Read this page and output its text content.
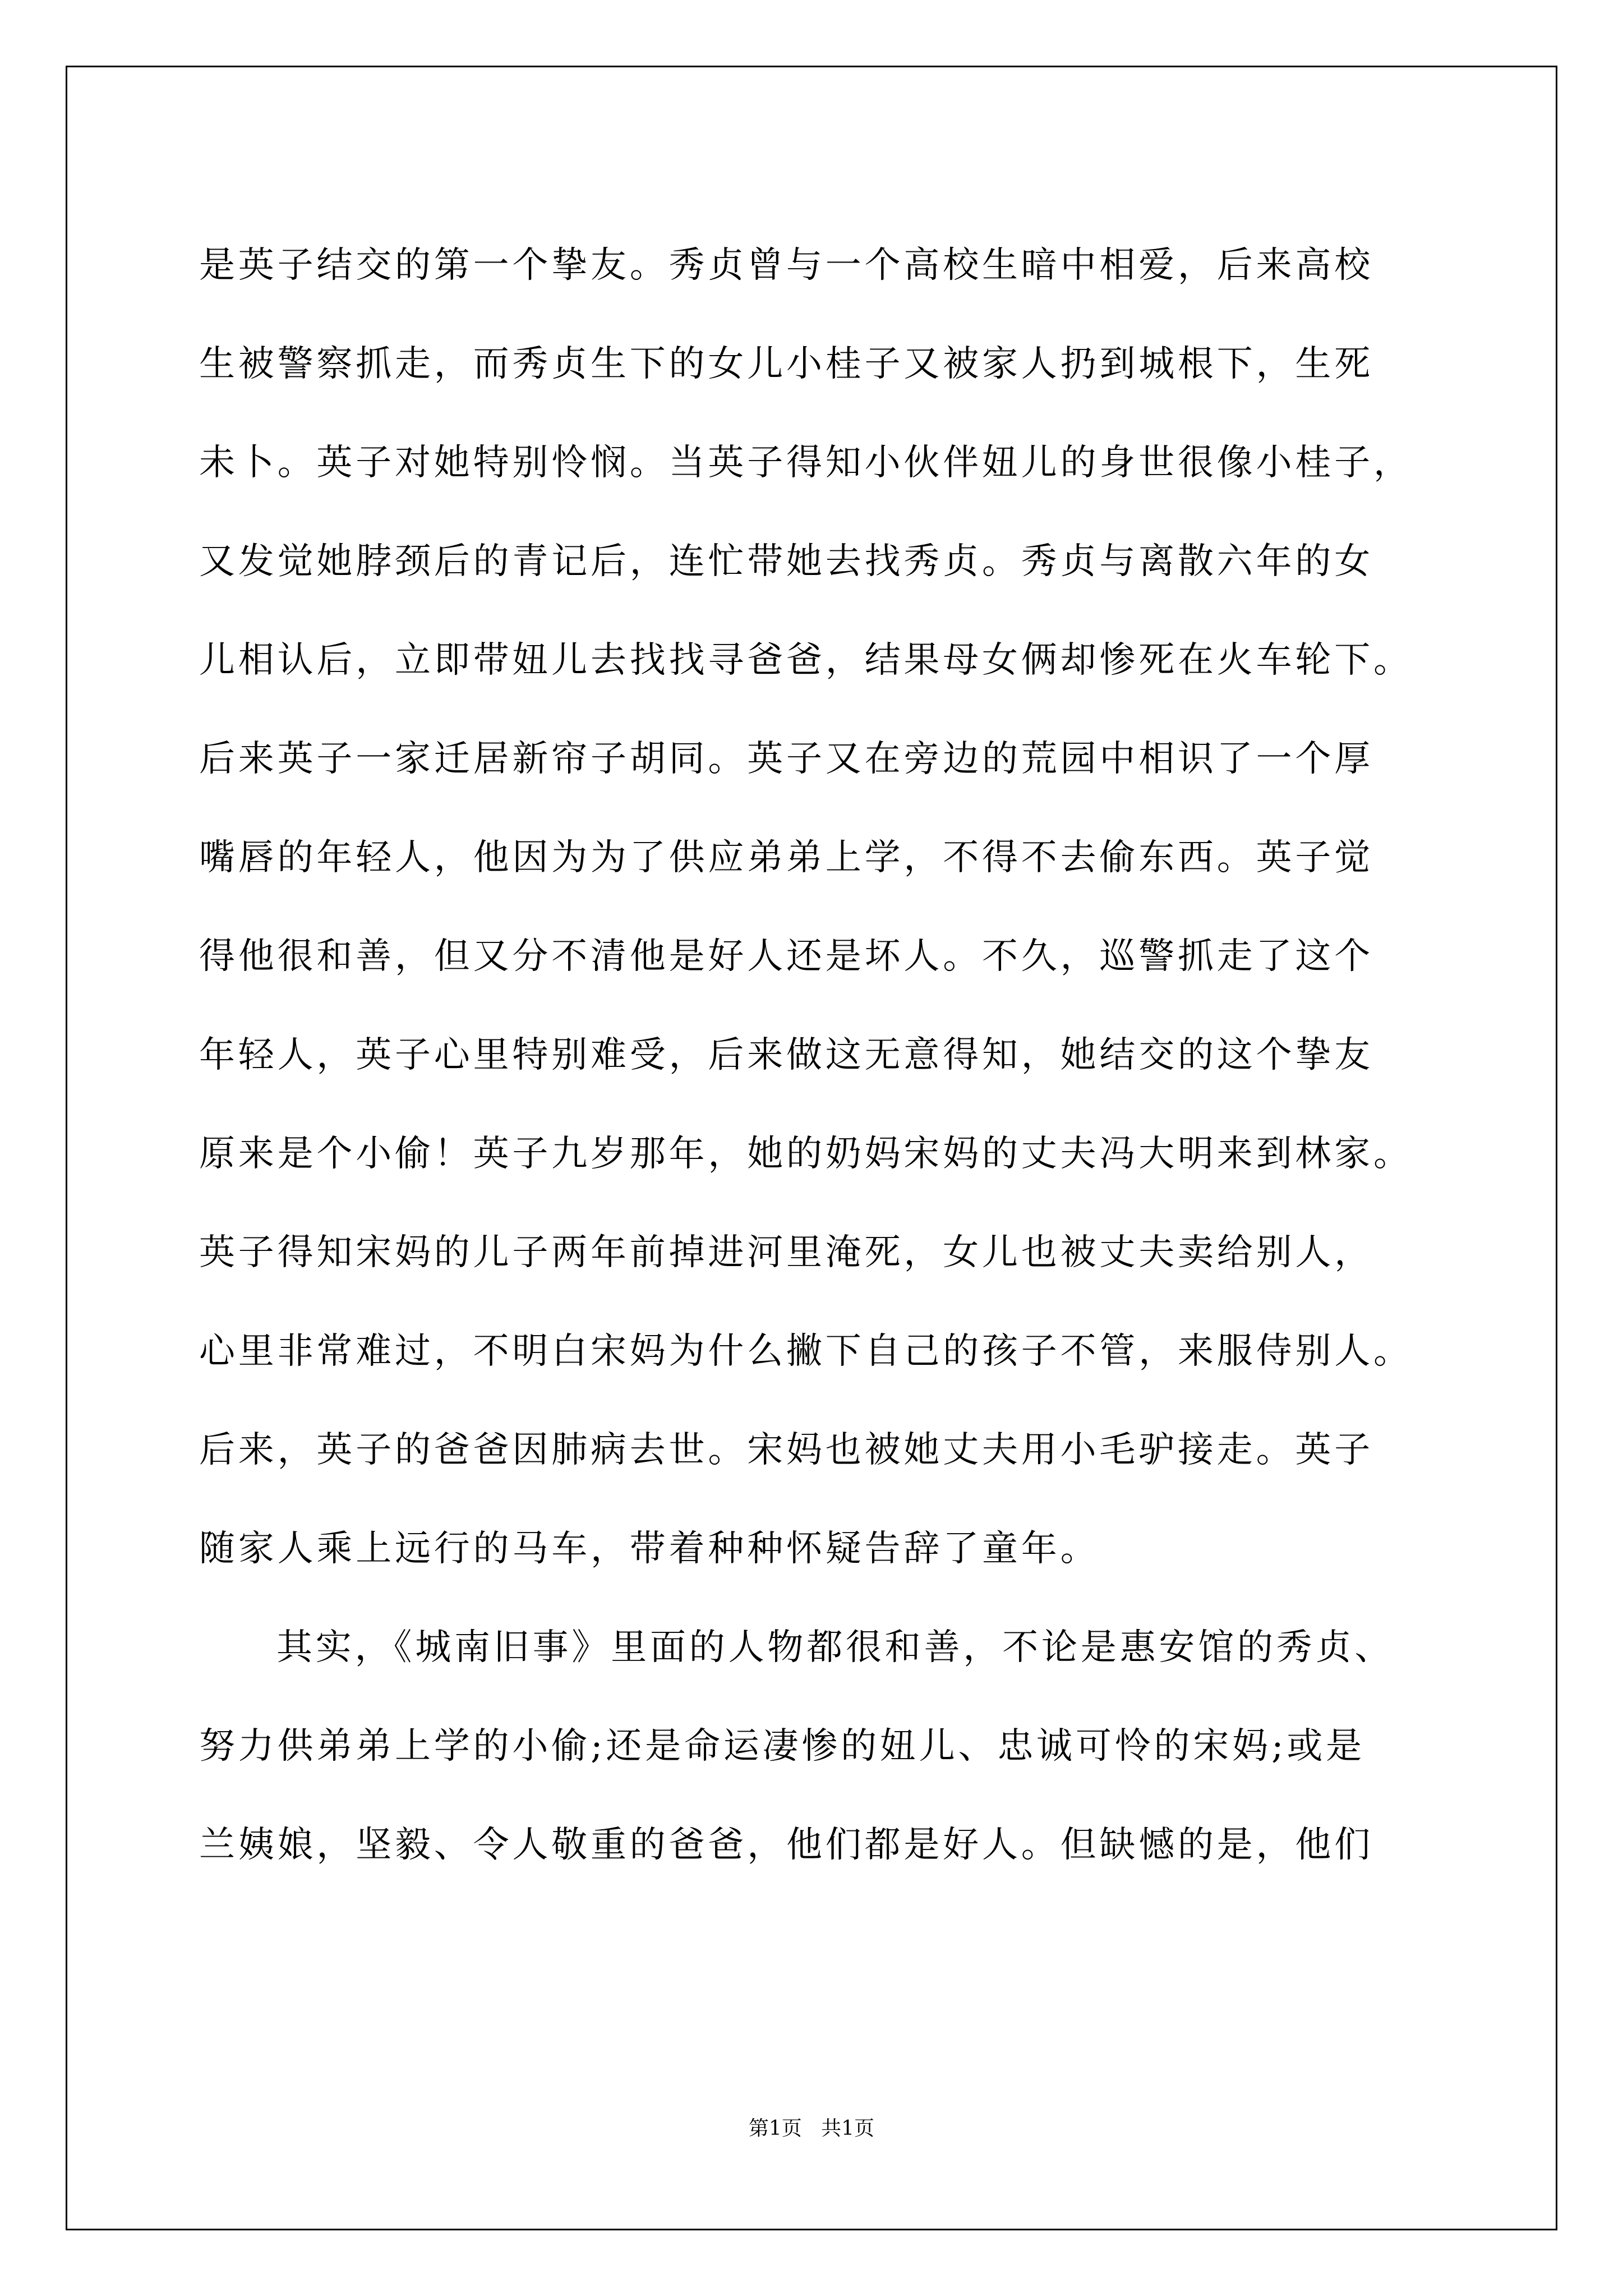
是英子结交的第一个挚友。秀贞曾与一个高校生暗中相爱，后来高校
生被警察抓走，而秀贞生下的女儿小桂子又被家人扔到城根下，生死
未卜。英子对她特别怜悯。当英子得知小伙伴妞儿的身世很像小桂子，
又发觉她脖颈后的青记后，连忙带她去找秀贞。秀贞与离散六年的女
儿相认后，立即带妞儿去找找寻爸爸，结果母女俩却惨死在火车轮下。
后来英子一家迁居新帘子胡同。英子又在旁边的荒园中相识了一个厚
嘴唇的年轻人，他因为为了供应弟弟上学，不得不去偷东西。英子觉
得他很和善，但又分不清他是好人还是坏人。不久，巡警抓走了这个
年轻人，英子心里特别难受，后来做这无意得知，她结交的这个挚友
原来是个小偷！英子九岁那年，她的奶妈宋妈的丈夫冯大明来到林家。
英子得知宋妈的儿子两年前掉进河里淹死，女儿也被丈夫卖给别人，
心里非常难过，不明白宋妈为什么撇下自己的孩子不管，来服侍别人。
后来，英子的爸爸因肺病去世。宋妈也被她丈夫用小毛驴接走。英子
随家人乘上远行的马车，带着种种怀疑告辞了童年。
其实，《城南旧事》里面的人物都很和善，不论是惠安馆的秀贞、
努力供弟弟上学的小偷;还是命运凄惨的妞儿、忠诚可怜的宋妈;或是
兰姨娘，坚毅、令人敬重的爸爸，他们都是好人。但缺憾的是，他们
第1页   共1页
